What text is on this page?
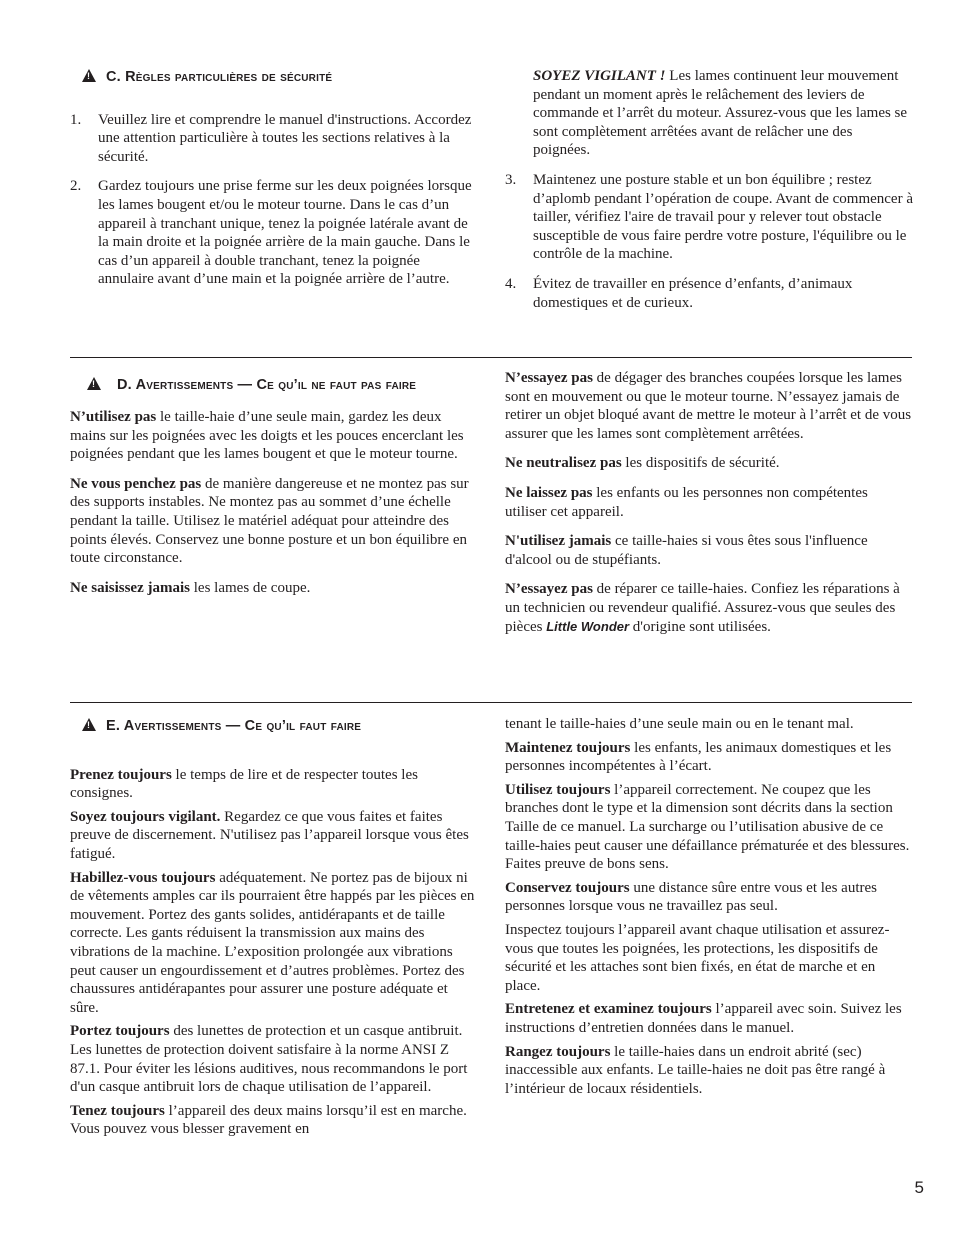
!C. Règles particulières de sécurité
1. Veuillez lire et comprendre le manuel d'instructions. Accordez une attention particulière à toutes les sections relatives à la sécurité.
2. Gardez toujours une prise ferme sur les deux poignées lorsque les lames bougent et/ou le moteur tourne. Dans le cas d’un appareil à tranchant unique, tenez la poignée latérale avant de la main droite et la poignée arrière de la main gauche. Dans le cas d’un appareil à double tranchant, tenez la poignée annulaire avant d’une main et la poignée arrière de l’autre.
SOYEZ VIGILANT ! Les lames continuent leur mouvement pendant un moment après le relâchement des leviers de commande et l’arrêt du moteur. Assurez-vous que les lames se sont complètement arrêtées avant de relâcher une des poignées.
3. Maintenez une posture stable et un bon équilibre ; restez d’aplomb pendant l’opération de coupe. Avant de commencer à tailler, vérifiez l'aire de travail pour y relever tout obstacle susceptible de vous faire perdre votre posture, l'équilibre ou le contrôle de la machine.
4. Évitez de travailler en présence d’enfants, d’animaux domestiques et de curieux.
!D. Avertissements — Ce qu’il ne faut pas faire

N’utilisez pas le taille-haie d’une seule main, gardez les deux mains sur les poignées avec les doigts et les pouces encerclant les poignées pendant que les lames bougent et que le moteur tourne.

Ne vous penchez pas de manière dangereuse et ne montez pas sur des supports instables. Ne montez pas au sommet d’une échelle pendant la taille. Utilisez le matériel adéquat pour atteindre des points élevés. Conservez une bonne posture et un bon équilibre en toute circonstance.

Ne saisissez jamais les lames de coupe.

N’essayez pas de dégager des branches coupées lorsque les lames sont en mouvement ou que le moteur tourne. N’essayez jamais de retirer un objet bloqué avant de mettre le moteur à l’arrêt et de vous assurer que les lames sont complètement arrêtées.

Ne neutralisez pas les dispositifs de sécurité.

Ne laissez pas les enfants ou les personnes non compétentes utiliser cet appareil.

N'utilisez jamais ce taille-haies si vous êtes sous l'influence d'alcool ou de stupéfiants.

N’essayez pas de réparer ce taille-haies. Confiez les réparations à un technicien ou revendeur qualifié. Assurez-vous que seules des pièces Little Wonder d'origine sont utilisées.

!E. Avertissements — Ce qu’il faut faire

Prenez toujours le temps de lire et de respecter toutes les consignes.

Soyez toujours vigilant. Regardez ce que vous faites et faites preuve de discernement. N'utilisez pas l’appareil lorsque vous êtes fatigué.

Habillez-vous toujours adéquatement. Ne portez pas de bijoux ni de vêtements amples car ils pourraient être happés par les pièces en mouvement. Portez des gants solides, antidérapants et de taille correcte. Les gants réduisent la transmission aux mains des vibrations de la machine. L’exposition prolongée aux vibrations peut causer un engourdissement et d’autres problèmes. Portez des chaussures antidérapantes pour assurer une posture adéquate et sûre.

Portez toujours des lunettes de protection et un casque antibruit. Les lunettes de protection doivent satisfaire à la norme ANSI Z 87.1. Pour éviter les lésions auditives, nous recommandons le port d'un casque antibruit lors de chaque utilisation de l’appareil.

Tenez toujours l’appareil des deux mains lorsqu’il est en marche. Vous pouvez vous blesser gravement en

tenant le taille-haies d’une seule main ou en le tenant mal.

Maintenez toujours les enfants, les animaux domestiques et les personnes incompétentes à l’écart.

Utilisez toujours l’appareil correctement. Ne coupez que les branches dont le type et la dimension sont décrits dans la section Taille de ce manuel. La surcharge ou l’utilisation abusive de ce taille-haies peut causer une défaillance prématurée et des blessures. Faites preuve de bons sens.

Conservez toujours une distance sûre entre vous et les autres personnes lorsque vous ne travaillez pas seul.

Inspectez toujours l’appareil avant chaque utilisation et assurez-vous que toutes les poignées, les protections, les dispositifs de sécurité et les attaches sont bien fixés, en état de marche et en place.

Entretenez et examinez toujours l’appareil avec soin. Suivez les instructions d’entretien données dans le manuel.

Rangez toujours le taille-haies dans un endroit abrité (sec) inaccessible aux enfants. Le taille-haies ne doit pas être rangé à l’intérieur de locaux résidentiels.

5
